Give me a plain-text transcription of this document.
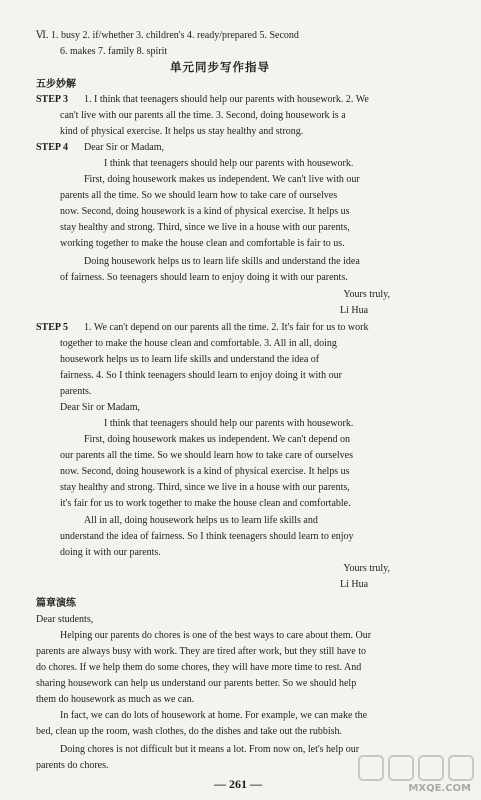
Ⅵ. 1. busy 2. if/whether 3. children's 4. ready/prepared 5. Second
6. makes 7. family 8. spirit
单元同步写作指导
五步妙解
STEP 3 1. I think that teenagers should help our parents with housework. 2. We
can't live with our parents all the time. 3. Second, doing housework is a
kind of physical exercise. It helps us stay healthy and strong.
STEP 4 Dear Sir or Madam,
I think that teenagers should help our parents with housework.
First, doing housework makes us independent. We can't live with our
parents all the time. So we should learn how to take care of ourselves
now. Second, doing housework is a kind of physical exercise. It helps us
stay healthy and strong. Third, since we live in a house with our parents,
working together to make the house clean and comfortable is fair to us.
Doing housework helps us to learn life skills and understand the idea
of fairness. So teenagers should learn to enjoy doing it with our parents.
Yours truly,
Li Hua
STEP 5 1. We can't depend on our parents all the time. 2. It's fair for us to work
together to make the house clean and comfortable. 3. All in all, doing
housework helps us to learn life skills and understand the idea of
fairness. 4. So I think teenagers should learn to enjoy doing it with our
parents.
Dear Sir or Madam,
I think that teenagers should help our parents with housework.
First, doing housework makes us independent. We can't depend on
our parents all the time. So we should learn how to take care of ourselves
now. Second, doing housework is a kind of physical exercise. It helps us
stay healthy and strong. Third, since we live in a house with our parents,
it's fair for us to work together to make the house clean and comfortable.
All in all, doing housework helps us to learn life skills and
understand the idea of fairness. So I think teenagers should learn to enjoy
doing it with our parents.
Yours truly,
Li Hua
篇章演练
Dear students,
Helping our parents do chores is one of the best ways to care about them. Our
parents are always busy with work. They are tired after work, but they still have to
do chores. If we help them do some chores, they will have more time to rest. And
sharing housework can help us understand our parents better. So we should help
them do housework as much as we can.
In fact, we can do lots of housework at home. For example, we can make the
bed, clean up the room, wash clothes, do the dishes and take out the rubbish.
Doing chores is not difficult but it means a lot. From now on, let's help our
parents do chores.
— 261 —	MXQE.COM
